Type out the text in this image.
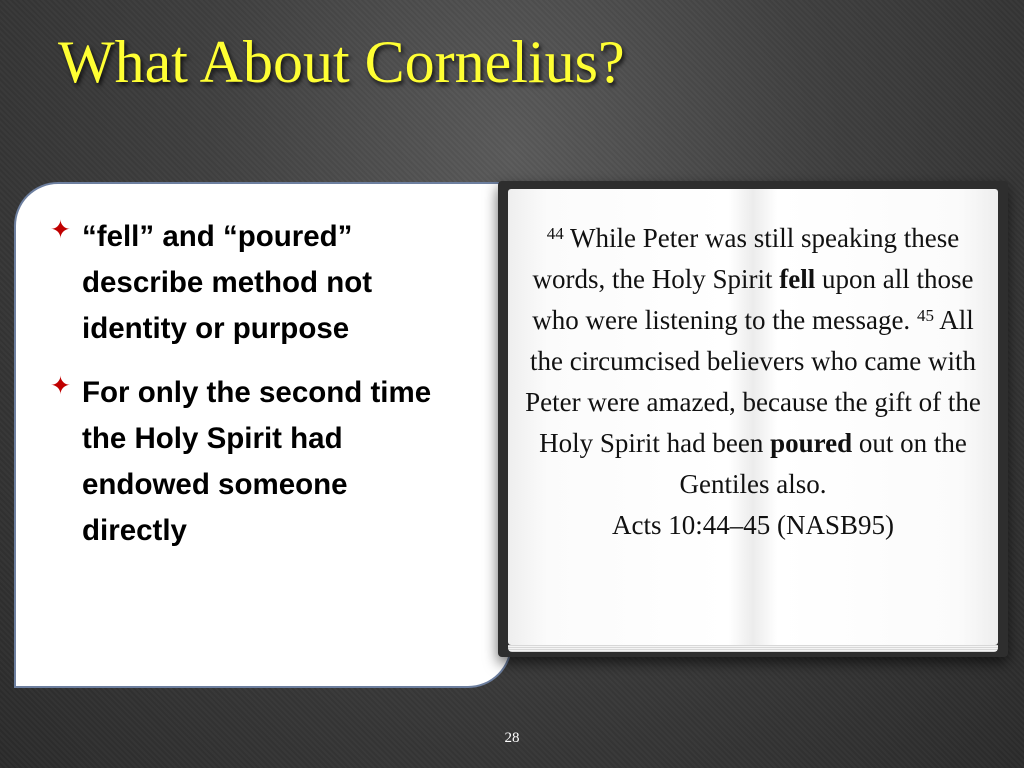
What About Cornelius?
✦ “fell” and “poured” describe method not identity or purpose
✦ For only the second time the Holy Spirit had endowed someone directly

$^{44}$ While Peter was still speaking these words, the Holy Spirit fell upon all those who were listening to the message. $^{45}$ All the circumcised believers who came with Peter were amazed, because the gift of the Holy Spirit had been poured out on the Gentiles also.
Acts 10:44–45 (NASB95)

28
